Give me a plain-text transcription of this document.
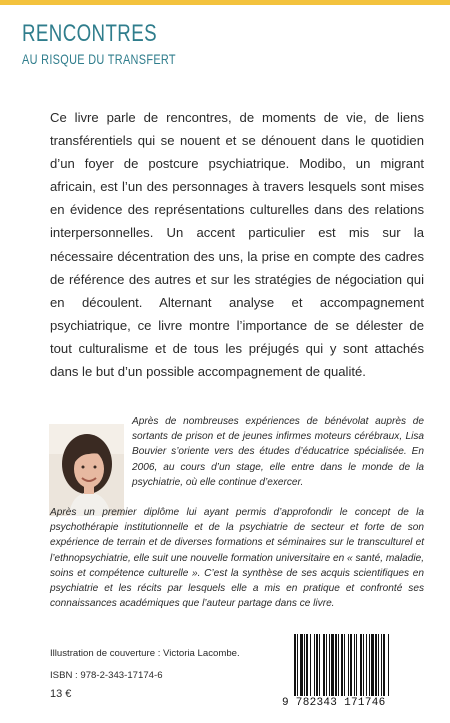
RENCONTRES
AU RISQUE DU TRANSFERT
Ce livre parle de rencontres, de moments de vie, de liens transférentiels qui se nouent et se dénouent dans le quotidien d’un foyer de postcure psychiatrique. Modibo, un migrant africain, est l’un des personnages à travers lesquels sont mises en évidence des représentations culturelles dans des relations interpersonnelles. Un accent particulier est mis sur la nécessaire décentration des uns, la prise en compte des cadres de référence des autres et sur les stratégies de négociation qui en découlent. Alternant analyse et accompagnement psychiatrique, ce livre montre l’importance de se délester de tout culturalisme et de tous les préjugés qui y sont attachés dans le but d’un possible accompagnement de qualité.
Après de nombreuses expériences de bénévolat auprès de sortants de prison et de jeunes infirmes moteurs cérébraux, Lisa Bouvier s’oriente vers des études d’éducatrice spécialisée. En 2006, au cours d’un stage, elle entre dans le monde de la psychiatrie, où elle continue d’exercer.
Après un premier diplôme lui ayant permis d’approfondir le concept de la psychothérapie institutionnelle et de la psychiatrie de secteur et forte de son expérience de terrain et de diverses formations et séminaires sur le transculturel et l’ethnopsychiatrie, elle suit une nouvelle formation universitaire en « santé, maladie, soins et compétence culturelle ». C’est la synthèse de ses acquis scientifiques en psychiatrie et les récits par lesquels elle a mis en pratique et confronté ses connaissances académiques que l’auteur partage dans ce livre.
Illustration de couverture : Victoria Lacombe.
ISBN : 978-2-343-17174-6
13 €
9 782343 171746
